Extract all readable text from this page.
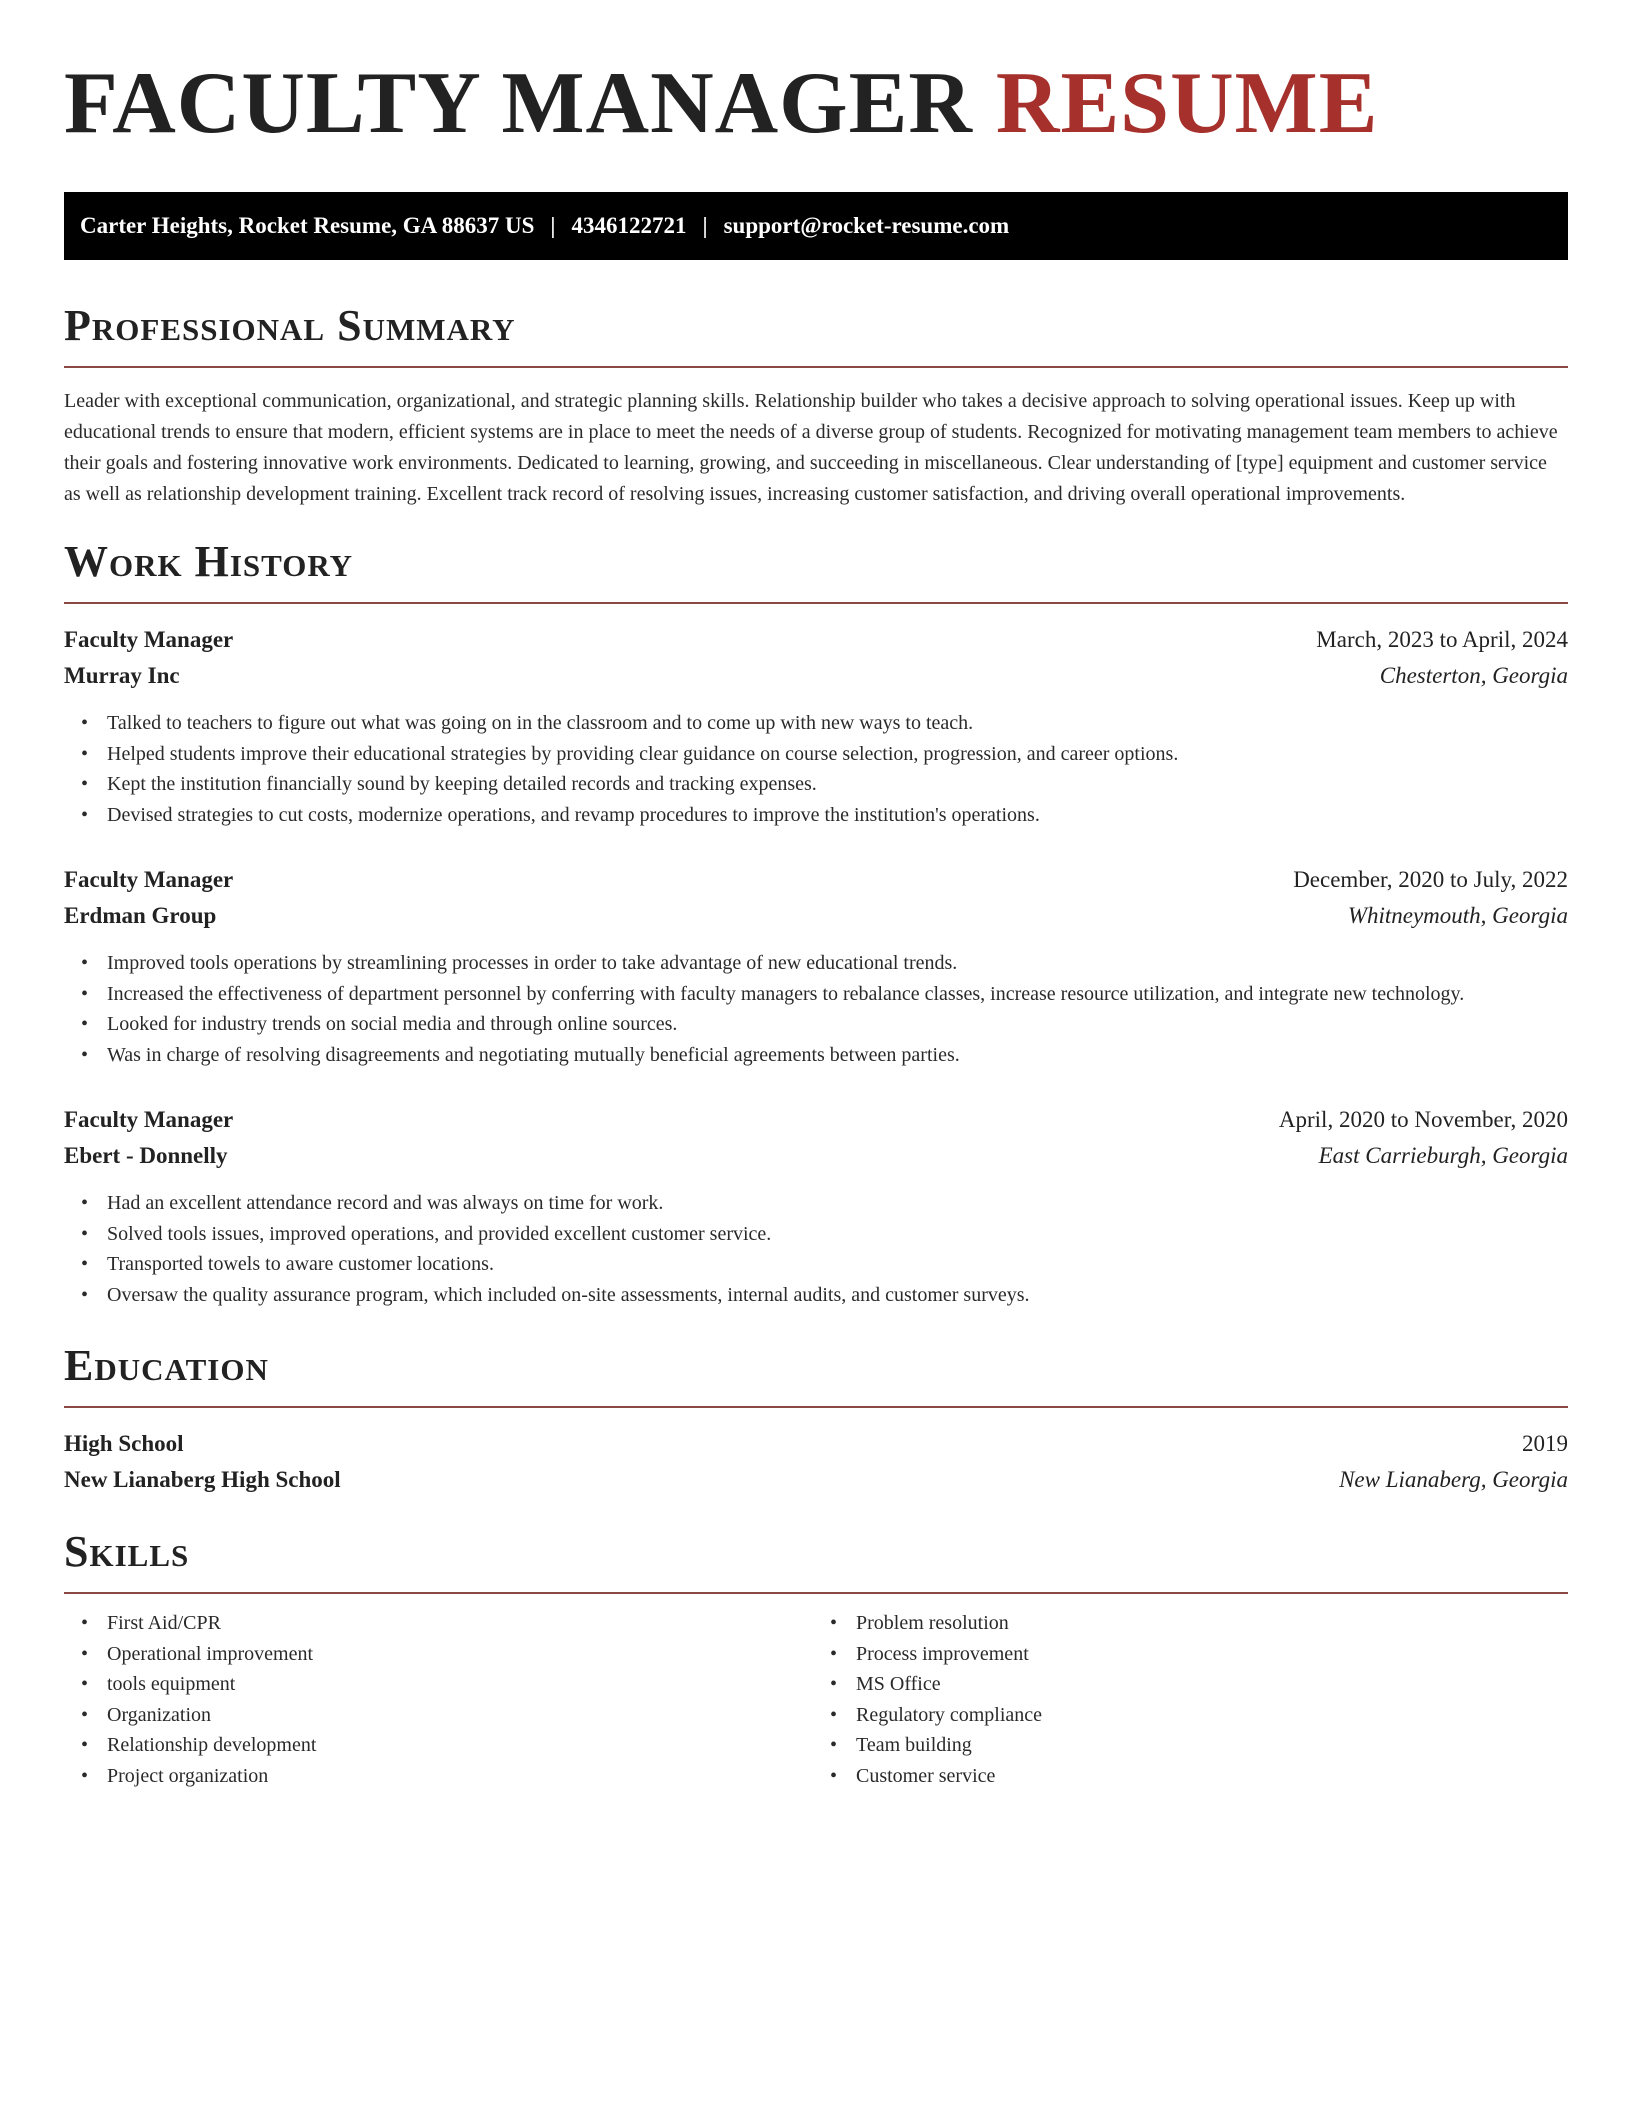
FACULTY MANAGER RESUME
Carter Heights, Rocket Resume, GA 88637 US | 4346122721 | support@rocket-resume.com
Professional Summary

Leader with exceptional communication, organizational, and strategic planning skills. Relationship builder who takes a decisive approach to solving operational issues. Keep up with educational trends to ensure that modern, efficient systems are in place to meet the needs of a diverse group of students. Recognized for motivating management team members to achieve their goals and fostering innovative work environments. Dedicated to learning, growing, and succeeding in miscellaneous. Clear understanding of [type] equipment and customer service as well as relationship development training. Excellent track record of resolving issues, increasing customer satisfaction, and driving overall operational improvements.

Work History
Faculty Manager	March, 2023 to April, 2024
Murray Inc	Chesterton, Georgia
• Talked to teachers to figure out what was going on in the classroom and to come up with new ways to teach.
• Helped students improve their educational strategies by providing clear guidance on course selection, progression, and career options.
• Kept the institution financially sound by keeping detailed records and tracking expenses.
• Devised strategies to cut costs, modernize operations, and revamp procedures to improve the institution's operations.
Faculty Manager	December, 2020 to July, 2022
Erdman Group	Whitneymouth, Georgia
• Improved tools operations by streamlining processes in order to take advantage of new educational trends.
• Increased the effectiveness of department personnel by conferring with faculty managers to rebalance classes, increase resource utilization, and integrate new technology.
• Looked for industry trends on social media and through online sources.
• Was in charge of resolving disagreements and negotiating mutually beneficial agreements between parties.
Faculty Manager	April, 2020 to November, 2020
Ebert - Donnelly	East Carrieburgh, Georgia
• Had an excellent attendance record and was always on time for work.
• Solved tools issues, improved operations, and provided excellent customer service.
• Transported towels to aware customer locations.
• Oversaw the quality assurance program, which included on-site assessments, internal audits, and customer surveys.
Education
High School	2019
New Lianaberg High School	New Lianaberg, Georgia
Skills
• First Aid/CPR
• Operational improvement
• tools equipment
• Organization
• Relationship development
• Project organization
• Problem resolution
• Process improvement
• MS Office
• Regulatory compliance
• Team building
• Customer service
